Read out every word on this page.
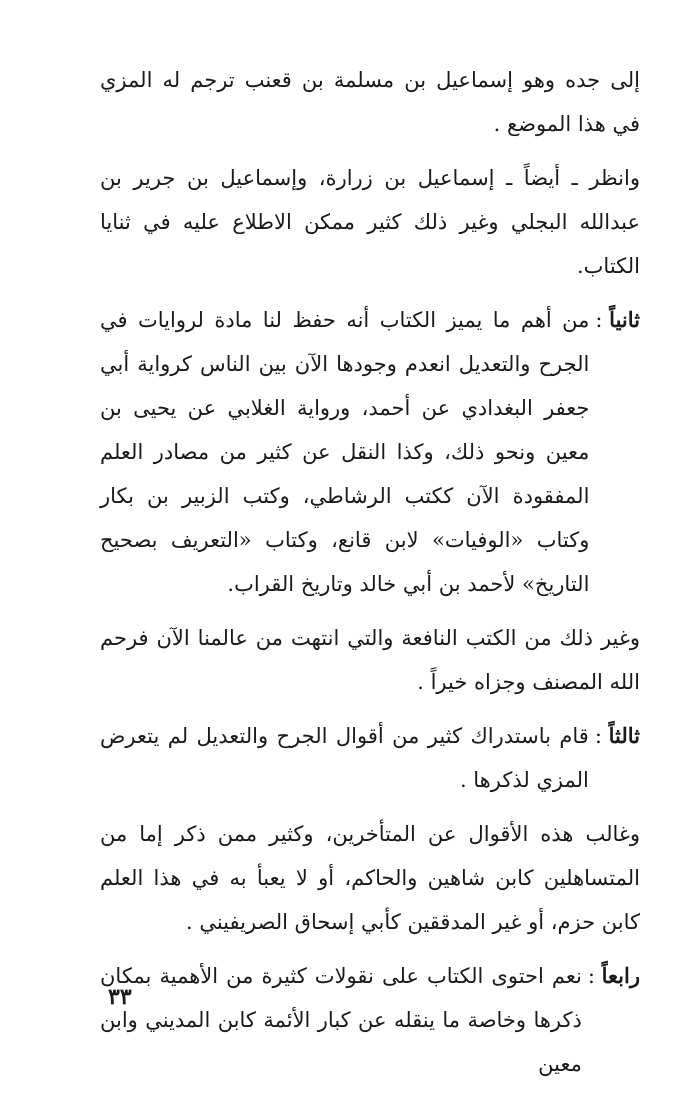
إلى جده وهو إسماعيل بن مسلمة بن قعنب ترجم له المزي في هذا الموضع .

وانظر ـ أيضاً ـ إسماعيل بن زرارة، وإسماعيل بن جرير بن عبدالله البجلي وغير ذلك كثير ممكن الاطلاع عليه في ثنايا الكتاب.

ثانياً :
من أهم ما يميز الكتاب أنه حفظ لنا مادة لروايات في الجرح والتعديل انعدم وجودها الآن بين الناس كرواية أبي جعفر البغدادي عن أحمد، ورواية الغلابي عن يحيى بن معين ونحو ذلك، وكذا النقل عن كثير من مصادر العلم المفقودة الآن ككتب الرشاطي، وكتب الزبير بن بكار وكتاب «الوفيات» لابن قانع، وكتاب «التعريف بصحيح التاريخ» لأحمد بن أبي خالد وتاريخ القراب.

وغير ذلك من الكتب النافعة والتي انتهت من عالمنا الآن فرحم الله المصنف وجزاه خيراً .

ثالثاً :
قام باستدراك كثير من أقوال الجرح والتعديل لم يتعرض المزي لذكرها .

وغالب هذه الأقوال عن المتأخرين، وكثير ممن ذكر إما من المتساهلين كابن شاهين والحاكم، أو لا يعبأ به في هذا العلم كابن حزم، أو غير المدققين كأبي إسحاق الصريفيني .

رابعاً :
نعم احتوى الكتاب على نقولات كثيرة من الأهمية بمكان ذكرها وخاصة ما ينقله عن كبار الأئمة كابن المديني وابن معين
٣٣
